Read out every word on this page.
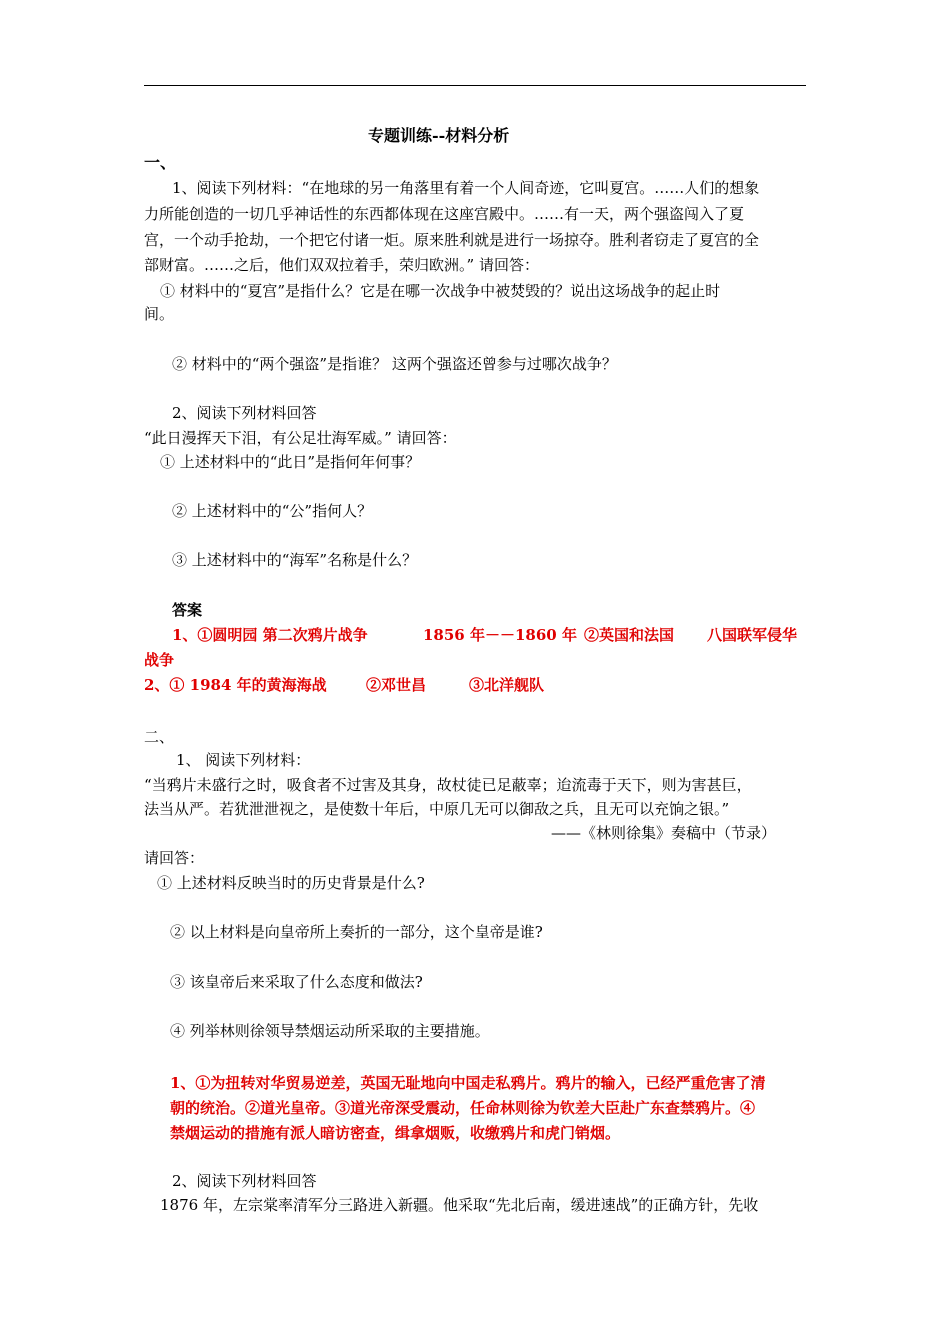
专题训练--材料分析
一、
1、阅读下列材料：“在地球的另一角落里有着一个人间奇迹，它叫夏宫。……人们的想象
力所能创造的一切几乎神话性的东西都体现在这座宫殿中。……有一天，两个强盗闯入了夏
宫，一个动手抢劫，一个把它付诸一炬。原来胜利就是进行一场掠夺。胜利者窃走了夏宫的全
部财富。……之后，他们双双拉着手，荣归欧洲。” 请回答：
① 材料中的“夏宫”是指什么？它是在哪一次战争中被焚毁的？说出这场战争的起止时
间。
② 材料中的“两个强盗”是指谁？ 这两个强盗还曾参与过哪次战争？
2、阅读下列材料回答
“此日漫挥天下泪，有公足壮海军威。” 请回答：
① 上述材料中的“此日”是指何年何事？
② 上述材料中的“公”指何人？
③ 上述材料中的“海军”名称是什么？
答案
1、①圆明园 第二次鸦片战争	1856 年－－1860 年 ②英国和法国 八国联军侵华
战争
2、① 1984 年的黄海海战	②邓世昌	③北洋舰队
二、
1、 阅读下列材料：
“当鸦片未盛行之时，吸食者不过害及其身，故杖徒已足蔽辜；迨流毒于天下，则为害甚巨，
法当从严。若犹泄泄视之，是使数十年后，中原几无可以御敌之兵，且无可以充饷之银。”
——《林则徐集》奏稿中（节录）
请回答：
① 上述材料反映当时的历史背景是什么?
② 以上材料是向皇帝所上奏折的一部分，这个皇帝是谁?
③ 该皇帝后来采取了什么态度和做法?
④ 列举林则徐领导禁烟运动所采取的主要措施。
1、①为扭转对华贸易逆差，英国无耻地向中国走私鸦片。鸦片的输入，已经严重危害了清
朝的统治。②道光皇帝。③道光帝深受震动，任命林则徐为钦差大臣赴广东查禁鸦片。④
禁烟运动的措施有派人暗访密查，缉拿烟贩，收缴鸦片和虎门销烟。
2、阅读下列材料回答
1876 年，左宗棠率清军分三路进入新疆。他采取“先北后南，缓进速战”的正确方针，先收
